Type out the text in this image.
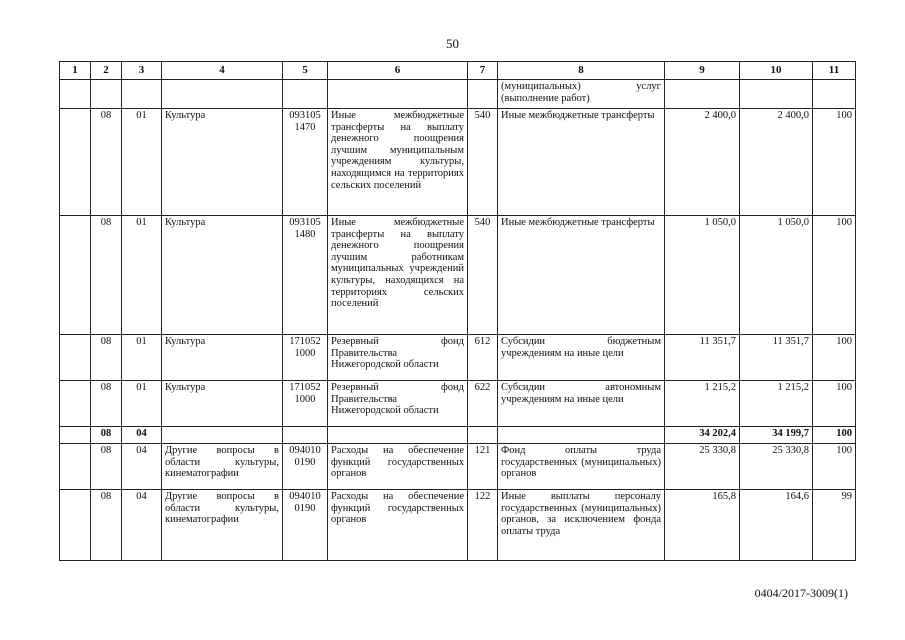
50
1	2	3	4	5	6	7	8	9	10	11
							(муниципальных) услуг (выполнение работ)			
	08	01	Культура	093105 1470	Иные межбюджетные трансферты на выплату денежного поощрения лучшим муниципальным учреждениям культуры, находящимся на территориях сельских поселений	540	Иные межбюджетные трансферты	2 400,0	2 400,0	100
	08	01	Культура	093105 1480	Иные межбюджетные трансферты на выплату денежного поощрения лучшим работникам муниципальных учреждений культуры, находящихся на территориях сельских поселений	540	Иные межбюджетные трансферты	1 050,0	1 050,0	100
	08	01	Культура	171052 1000	Резервный фонд Правительства Нижегородской области	612	Субсидии бюджетным учреждениям на иные цели	11 351,7	11 351,7	100
	08	01	Культура	171052 1000	Резервный фонд Правительства Нижегородской области	622	Субсидии автономным учреждениям на иные цели	1 215,2	1 215,2	100
	08	04						34 202,4	34 199,7	100
	08	04	Другие вопросы в области культуры, кинематографии	094010 0190	Расходы на обеспечение функций государственных органов	121	Фонд оплаты труда государственных (муниципальных) органов	25 330,8	25 330,8	100
	08	04	Другие вопросы в области культуры, кинематографии	094010 0190	Расходы на обеспечение функций государственных органов	122	Иные выплаты персоналу государственных (муниципальных) органов, за исключением фонда оплаты труда	165,8	164,6	99
0404/2017-3009(1)
